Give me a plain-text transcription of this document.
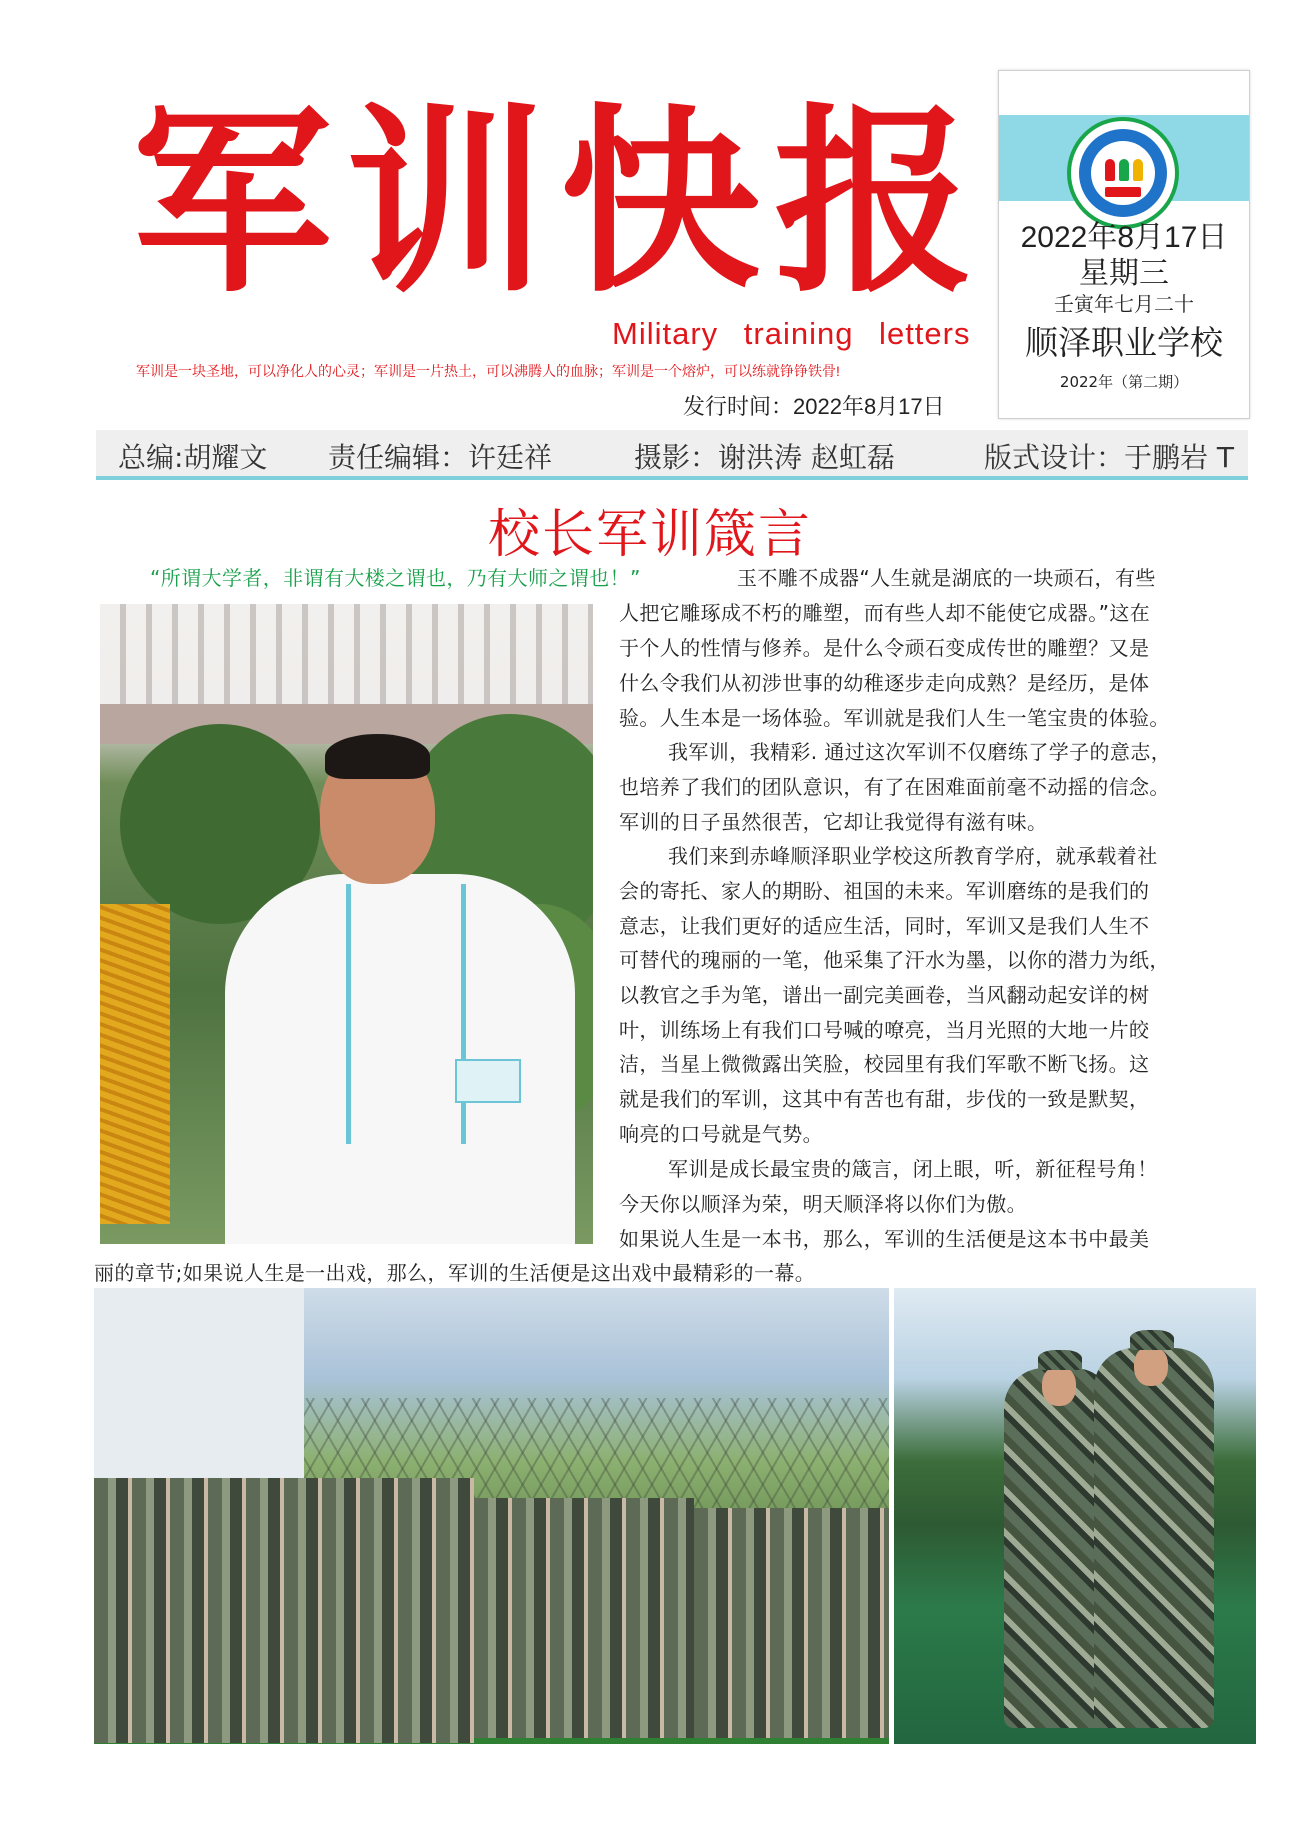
军训快报
Military training letters
军训是一块圣地，可以净化人的心灵；军训是一片热土，可以沸腾人的血脉；军训是一个熔炉，可以练就铮铮铁骨!
发行时间：2022年8月17日
2022年8月17日
星期三
壬寅年七月二十
顺泽职业学校
2022年（第二期）
总编:胡耀文 责任编辑：许廷祥	摄影：谢洪涛 赵虹磊	版式设计：于鹏岩 T
校长军训箴言
“所谓大学者，非谓有大楼之谓也，乃有大师之谓也！”	玉不雕不成器“人生就是湖底的一块顽石，有些
人把它雕琢成不朽的雕塑，而有些人却不能使它成器。”这在
于个人的性情与修养。是什么令顽石变成传世的雕塑？又是
什么令我们从初涉世事的幼稚逐步走向成熟？是经历，是体
验。人生本是一场体验。军训就是我们人生一笔宝贵的体验。
我军训，我精彩. 通过这次军训不仅磨练了学子的意志，
也培养了我们的团队意识，有了在困难面前毫不动摇的信念。
军训的日子虽然很苦，它却让我觉得有滋有味。
我们来到赤峰顺泽职业学校这所教育学府，就承载着社
会的寄托、家人的期盼、祖国的未来。军训磨练的是我们的
意志，让我们更好的适应生活，同时，军训又是我们人生不
可替代的瑰丽的一笔，他采集了汗水为墨，以你的潜力为纸，
以教官之手为笔，谱出一副完美画卷，当风翻动起安详的树
叶，训练场上有我们口号喊的嘹亮，当月光照的大地一片皎
洁，当星上微微露出笑脸，校园里有我们军歌不断飞扬。这
就是我们的军训，这其中有苦也有甜，步伐的一致是默契，
响亮的口号就是气势。
军训是成长最宝贵的箴言，闭上眼，听，新征程号角！
今天你以顺泽为荣，明天顺泽将以你们为傲。
如果说人生是一本书，那么，军训的生活便是这本书中最美
丽的章节;如果说人生是一出戏，那么，军训的生活便是这出戏中最精彩的一幕。
